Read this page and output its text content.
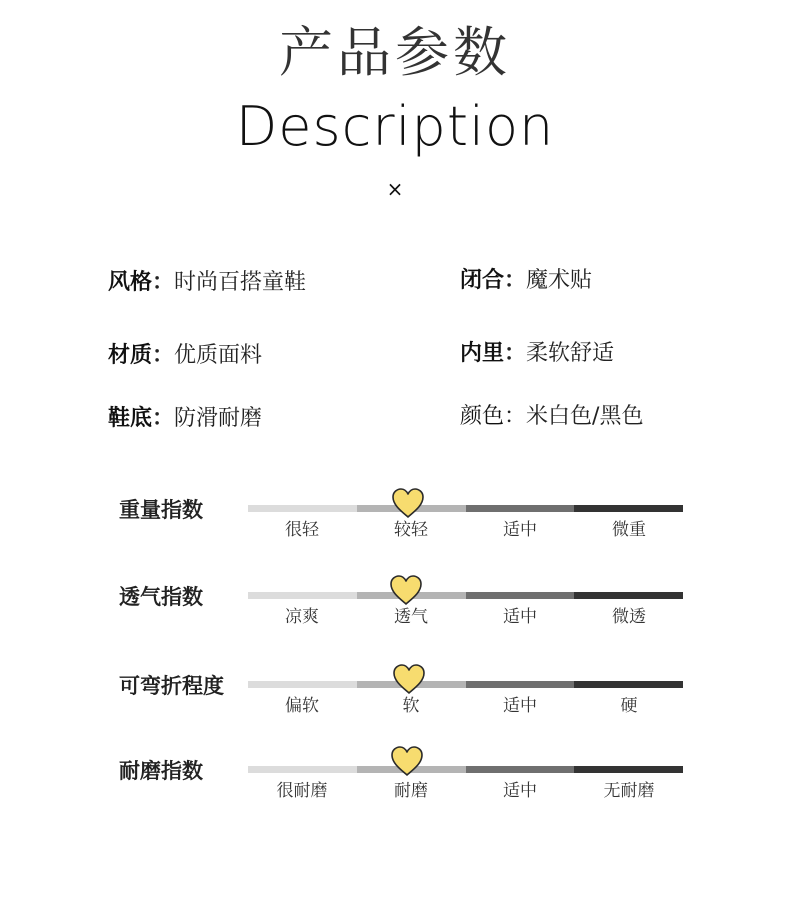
产品参数
Description
×
风格：时尚百搭童鞋	闭合：魔术贴
材质：优质面料	内里：柔软舒适
鞋底：防滑耐磨	颜色：米白色/黑色
重量指数
很轻	较轻	适中	微重
透气指数
凉爽	透气	适中	微透
可弯折程度
偏软	软	适中	硬
耐磨指数
很耐磨	耐磨	适中	无耐磨
